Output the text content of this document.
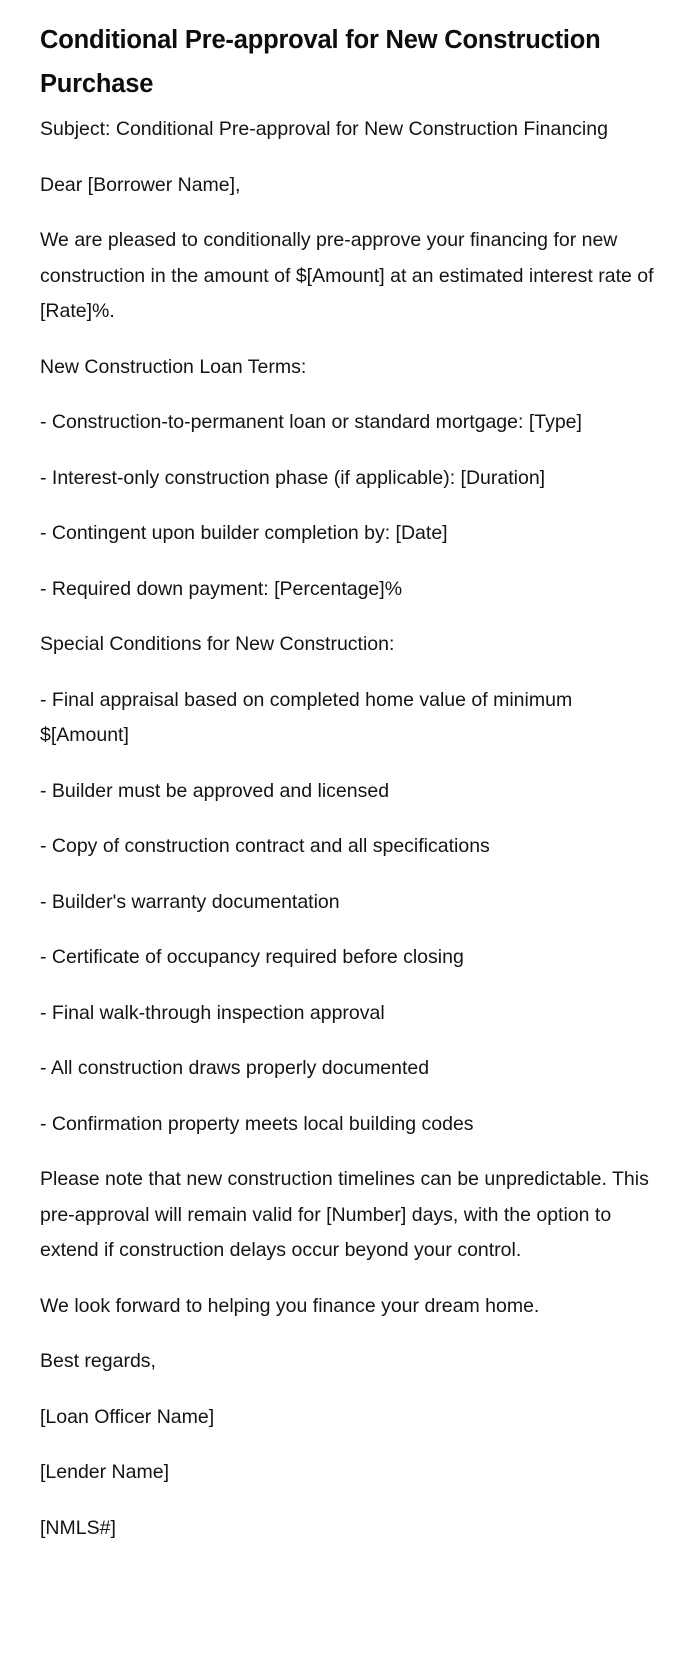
Conditional Pre-approval for New Construction Purchase

Subject: Conditional Pre-approval for New Construction Financing

Dear [Borrower Name],

We are pleased to conditionally pre-approve your financing for new construction in the amount of $[Amount] at an estimated interest rate of [Rate]%.

New Construction Loan Terms:

- Construction-to-permanent loan or standard mortgage: [Type]

- Interest-only construction phase (if applicable): [Duration]

- Contingent upon builder completion by: [Date]

- Required down payment: [Percentage]%

Special Conditions for New Construction:

- Final appraisal based on completed home value of minimum $[Amount]

- Builder must be approved and licensed

- Copy of construction contract and all specifications

- Builder's warranty documentation

- Certificate of occupancy required before closing

- Final walk-through inspection approval

- All construction draws properly documented

- Confirmation property meets local building codes

Please note that new construction timelines can be unpredictable. This pre-approval will remain valid for [Number] days, with the option to extend if construction delays occur beyond your control.

We look forward to helping you finance your dream home.

Best regards,

[Loan Officer Name]

[Lender Name]

[NMLS#]
